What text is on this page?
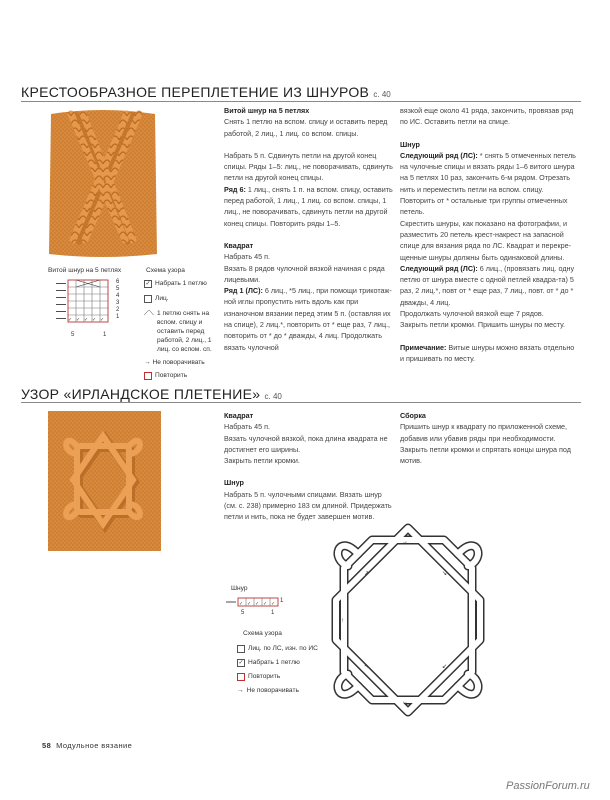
КРЕСТООБРАЗНОЕ ПЕРЕПЛЕТЕНИЕ ИЗ ШНУРОВ с. 40
Витой шнур на 5 петлях
✓ ✓ ✓ ✓ ✓
6
5
4
3
2
1
5	1
Схема узора
✓ Набрать 1 петлю
Лиц.
⟋⟍ 1 петлю снять на вспом. спицу и оставить перед работой, 2 лиц., 1 лиц. со вспом. сп.
→ Не поворачивать
Повторить

Витой шнур на 5 петлях

Снять 1 петлю на вспом. спицу и оставить перед работой, 2 лиц., 1 лиц. со вспом. спицы.

Набрать 5 п. Сдвинуть петли на другой конец спицы. Ряды 1–5: лиц., не поворачивать, сдвинуть петли на другой конец спицы.

Ряд 6: 1 лиц., снять 1 п. на вспом. спицу, оставить перед работой, 1 лиц., 1 лиц. со вспом. спицы, 1 лиц., не поворачивать, сдвинуть петли на другой конец спицы. Повторить ряды 1–5.

Квадрат

Набрать 45 п.

Вязать 8 рядов чулочной вязкой начиная с ряда лицевыми.

Ряд 1 (ЛС): 6 лиц., *5 лиц., при помощи трикотаж-ной иглы пропустить нить вдоль как при изнаночном вязании перед этим 5 п. (оставляя их на спице), 2 лиц.*, повторить от * еще раз, 7 лиц., повторить от * до * дважды, 4 лиц. Продолжать вязать чулочной

вязкой еще около 41 ряда, закончить, провязав ряд по ИС. Оставить петли на спице.

Шнур

Следующий ряд (ЛС): * снять 5 отмеченных петель на чулочные спицы и вязать ряды 1–6 витого шнура на 5 петлях 10 раз, закончить 6-м рядом. Отрезать нить и переместить петли на вспом. спицу. Повторить от * остальные три группы отмеченных петель.

Скрестить шнуры, как показано на фотографии, и разместить 20 петель крест-накрест на запасной спице для вязания ряда по ЛС. Квадрат и перекре-щенные шнуры должны быть одинаковой длины.

Следующий ряд (ЛС): 6 лиц., (провязать лиц. одну петлю от шнура вместе с одной петлей квадра-та) 5 раз, 2 лиц.*, повт от * еще раз, 7 лиц., повт. от * до * дважды, 4 лиц.

Продолжать чулочной вязкой еще 7 рядов.

Закрыть петли кромки. Пришить шнуры по месту.

Примечание: Витые шнуры можно вязать отдельно и пришивать по месту.

УЗОР «ИРЛАНДСКОЕ ПЛЕТЕНИЕ» с. 40

Квадрат

Набрать 45 п.

Вязать чулочной вязкой, пока длина квадрата не достигнет его ширины.

Закрыть петли кромки.

Шнур

Набрать 5 п. чулочными спицами. Вязать шнур (см. с. 238) примерно 183 см длиной. Придержать петли и нить, пока не будет завершен мотив.

Сборка

Пришить шнур к квадрату по приложенной схеме, добавив или убавив ряды при необходимости.

Закрыть петли кромки и спрятать концы шнура под мотив.

Шнур
✓ ✓ ✓ ✓ ✓ 1
5	1
Схема узора
Лиц. по ЛС, изн. по ИС
✓ Набрать 1 петлю
Повторить
→ Не поворачивать
→
←
↓
↑
↘
↖	↙
↗
58 Модульное вязание
PassionForum.ru
